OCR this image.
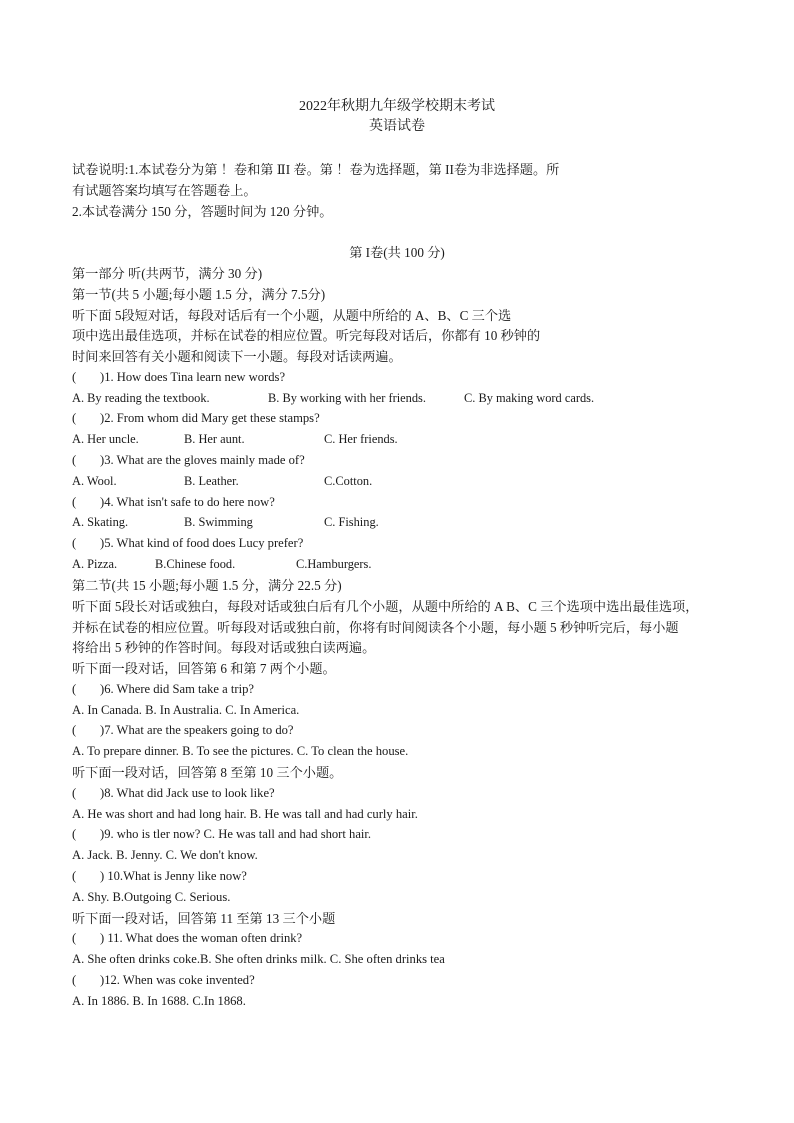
2022年秋期九年级学校期末考试
英语试卷
试卷说明:1.本试卷分为第 ！卷和第 ⅡI 卷。第 ！卷为选择题，第 II卷为非选择题。所
有试题答案均填写在答题卷上。
2.本试卷满分 150 分，答题时间为 120 分钟。
第 I卷(共 100 分)
第一部分 听(共两节，满分 30 分)
第一节(共 5 小题;每小题 1.5 分，满分 7.5分)
听下面 5段短对话，每段对话后有一个小题，从题中所给的 A、B、C 三个选
项中选出最佳选项，并标在试卷的相应位置。听完每段对话后，你都有 10 秒钟的
时间来回答有关小题和阅读下一小题。每段对话读两遍。
( )1. How does Tina learn new words?
A. By reading the textbook.	B. By working with her friends.	C. By making word cards.
( )2. From whom did Mary get these stamps?
A. Her uncle.	B. Her aunt.	C. Her friends.
( )3. What are the gloves mainly made of?
A. Wool.	B. Leather.	C.Cotton.
( )4. What isn't safe to do here now?
A. Skating.	B. Swimming	C. Fishing.
( )5. What kind of food does Lucy prefer?
A. Pizza.	B.Chinese food.	C.Hamburgers.
第二节(共 15 小题;每小题 1.5 分，满分 22.5 分)
听下面 5段长对话或独白，每段对话或独白后有几个小题，从题中所给的 A B、C 三个选项中选出最佳选项，
并标在试卷的相应位置。听每段对话或独白前，你将有时间阅读各个小题，每小题 5 秒钟听完后，每小题
将给出 5 秒钟的作答时间。每段对话或独白读两遍。
听下面一段对话，回答第 6 和第 7 两个小题。
( )6. Where did Sam take a trip?
A. In Canada. B. In Australia. C. In America.
( )7. What are the speakers going to do?
A. To prepare dinner. B. To see the pictures. C. To clean the house.
听下面一段对话，回答第 8 至第 10 三个小题。
( )8. What did Jack use to look like?
A. He was short and had long hair. B. He was tall and had curly hair.
( )9. who is tler now? C. He was tall and had short hair.
A. Jack. B. Jenny. C. We don't know.
( ) 10.What is Jenny like now?
A. Shy. B.Outgoing C. Serious.
听下面一段对话，回答第 11 至第 13 三个小题
( ) 11. What does the woman often drink?
A. She often drinks coke.B. She often drinks milk. C. She often drinks tea
( )12. When was coke invented?
A. In 1886. B. In 1688. C.In 1868.
